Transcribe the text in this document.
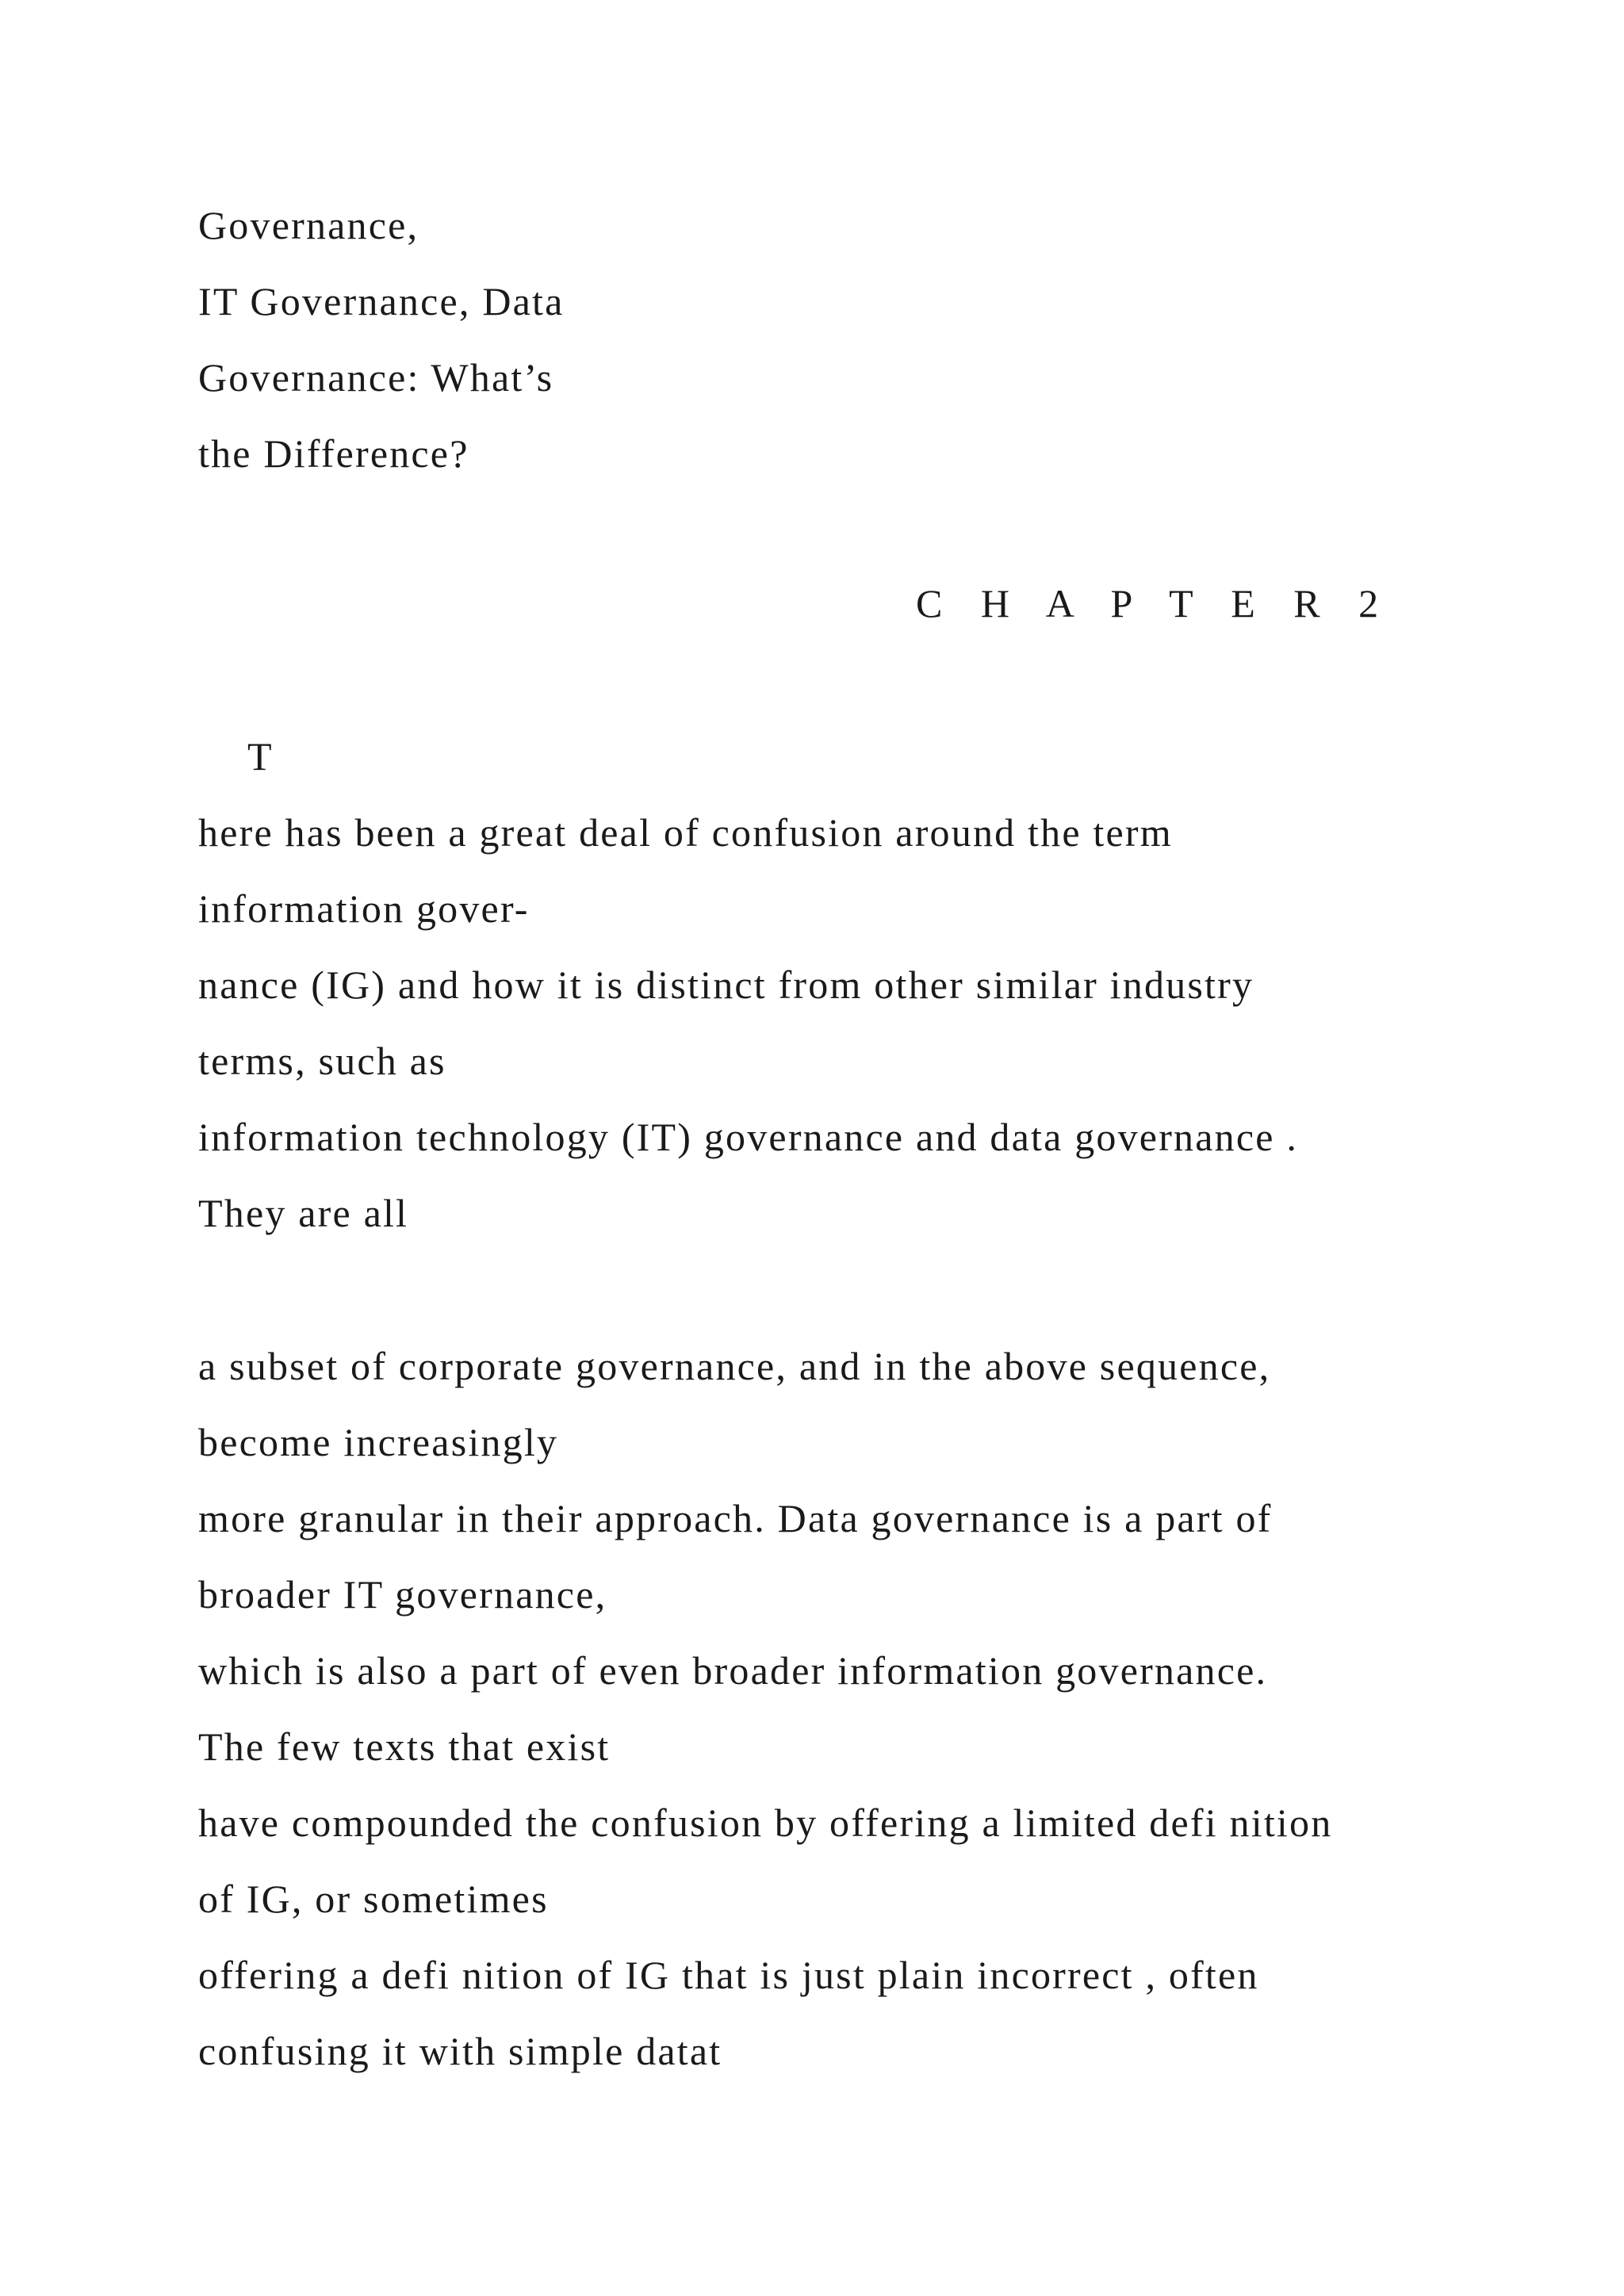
Governance,
IT Governance, Data
Governance: What’s
the Difference?
C H A P T E R 2
T
here has been a great deal of confusion around the term
information gover-
nance (IG) and how it is distinct from other similar industry
terms, such as
information technology (IT) governance and data governance .
They are all
a subset of corporate governance, and in the above sequence,
become increasingly
more granular in their approach. Data governance is a part of
broader IT governance,
which is also a part of even broader information governance.
The few texts that exist
have compounded the confusion by offering a limited defi nition
of IG, or sometimes
offering a defi nition of IG that is just plain incorrect , often
confusing it with simple datat
